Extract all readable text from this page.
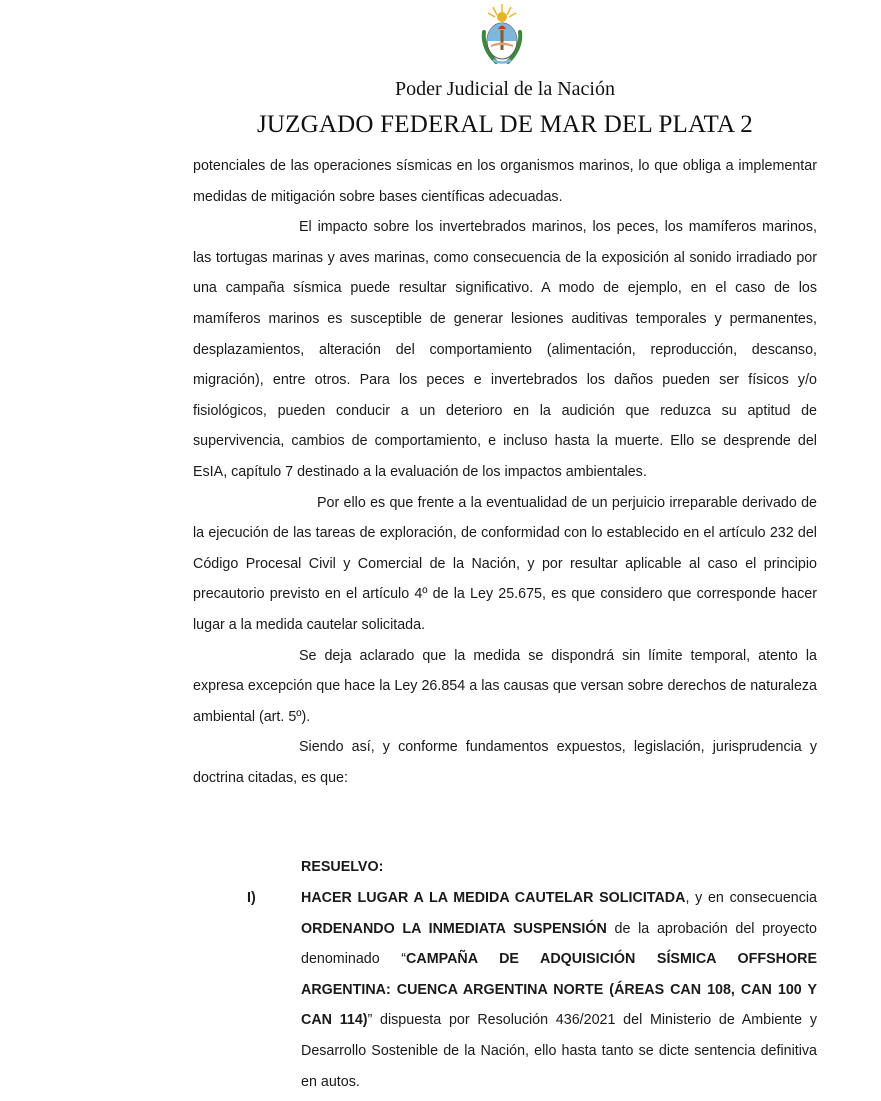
Poder Judicial de la Nación
JUZGADO FEDERAL DE MAR DEL PLATA 2

potenciales de las operaciones sísmicas en los organismos marinos, lo que obliga a implementar medidas de mitigación sobre bases científicas adecuadas.

El impacto sobre los invertebrados marinos, los peces, los mamíferos marinos, las tortugas marinas y aves marinas, como consecuencia de la exposición al sonido irradiado por una campaña sísmica puede resultar significativo. A modo de ejemplo, en el caso de los mamíferos marinos es susceptible de generar lesiones auditivas temporales y permanentes, desplazamientos, alteración del comportamiento (alimentación, reproducción, descanso, migración), entre otros. Para los peces e invertebrados los daños pueden ser físicos y/o fisiológicos, pueden conducir a un deterioro en la audición que reduzca su aptitud de supervivencia, cambios de comportamiento, e incluso hasta la muerte. Ello se desprende del EsIA, capítulo 7 destinado a la evaluación de los impactos ambientales.

Por ello es que frente a la eventualidad de un perjuicio irreparable derivado de la ejecución de las tareas de exploración, de conformidad con lo establecido en el artículo 232 del Código Procesal Civil y Comercial de la Nación, y por resultar aplicable al caso el principio precautorio previsto en el artículo 4º de la Ley 25.675, es que considero que corresponde hacer lugar a la medida cautelar solicitada.

Se deja aclarado que la medida se dispondrá sin límite temporal, atento la expresa excepción que hace la Ley 26.854 a las causas que versan sobre derechos de naturaleza ambiental (art. 5º).

Siendo así, y conforme fundamentos expuestos, legislación, jurisprudencia y doctrina citadas, es que:

RESUELVO:
I)	HACER LUGAR A LA MEDIDA CAUTELAR SOLICITADA, y en consecuencia ORDENANDO LA INMEDIATA SUSPENSIÓN de la aprobación del proyecto denominado “CAMPAÑA DE ADQUISICIÓN SÍSMICA OFFSHORE ARGENTINA: CUENCA ARGENTINA NORTE (ÁREAS CAN 108, CAN 100 Y CAN 114)” dispuesta por Resolución 436/2021 del Ministerio de Ambiente y Desarrollo Sostenible de la Nación, ello hasta tanto se dicte sentencia definitiva en autos.
